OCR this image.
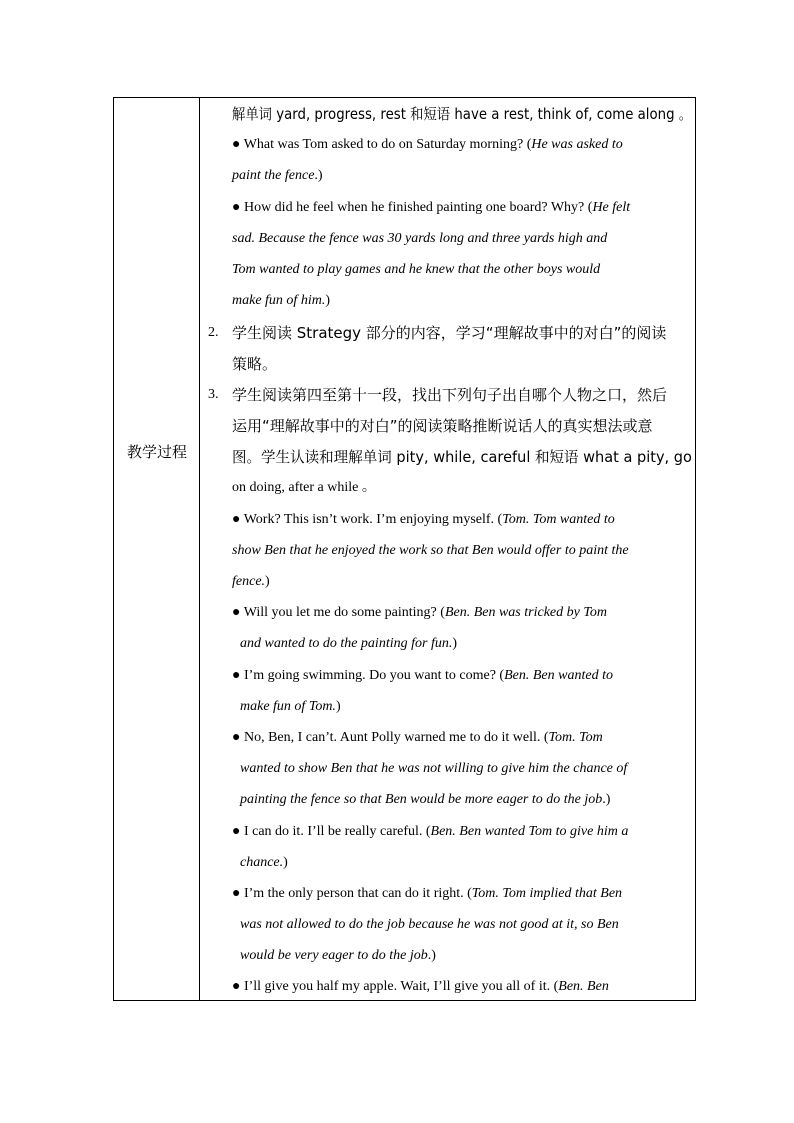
教学过程
解单词 yard, progress, rest 和短语 have a rest, think of, come along 。
● What was Tom asked to do on Saturday morning? (He was asked to
paint the fence.)
● How did he feel when he finished painting one board? Why? (He felt
sad. Because the fence was 30 yards long and three yards high and
Tom wanted to play games and he knew that the other boys would
make fun of him.)
2. 学生阅读 Strategy 部分的内容，学习“理解故事中的对白”的阅读
策略。
3. 学生阅读第四至第十一段，找出下列句子出自哪个人物之口，然后
运用“理解故事中的对白”的阅读策略推断说话人的真实想法或意
图。学生认读和理解单词 pity, while, careful 和短语 what a pity, go
on doing, after a while 。
● Work? This isn’t work. I’m enjoying myself. (Tom. Tom wanted to
show Ben that he enjoyed the work so that Ben would offer to paint the
fence.)
● Will you let me do some painting? (Ben. Ben was tricked by Tom
and wanted to do the painting for fun.)
● I’m going swimming. Do you want to come? (Ben. Ben wanted to
make fun of Tom.)
● No, Ben, I can’t. Aunt Polly warned me to do it well. (Tom. Tom
wanted to show Ben that he was not willing to give him the chance of
painting the fence so that Ben would be more eager to do the job.)
● I can do it. I’ll be really careful. (Ben. Ben wanted Tom to give him a
chance.)
● I’m the only person that can do it right. (Tom. Tom implied that Ben
was not allowed to do the job because he was not good at it, so Ben
would be very eager to do the job.)
● I’ll give you half my apple. Wait, I’ll give you all of it. (Ben. Ben
